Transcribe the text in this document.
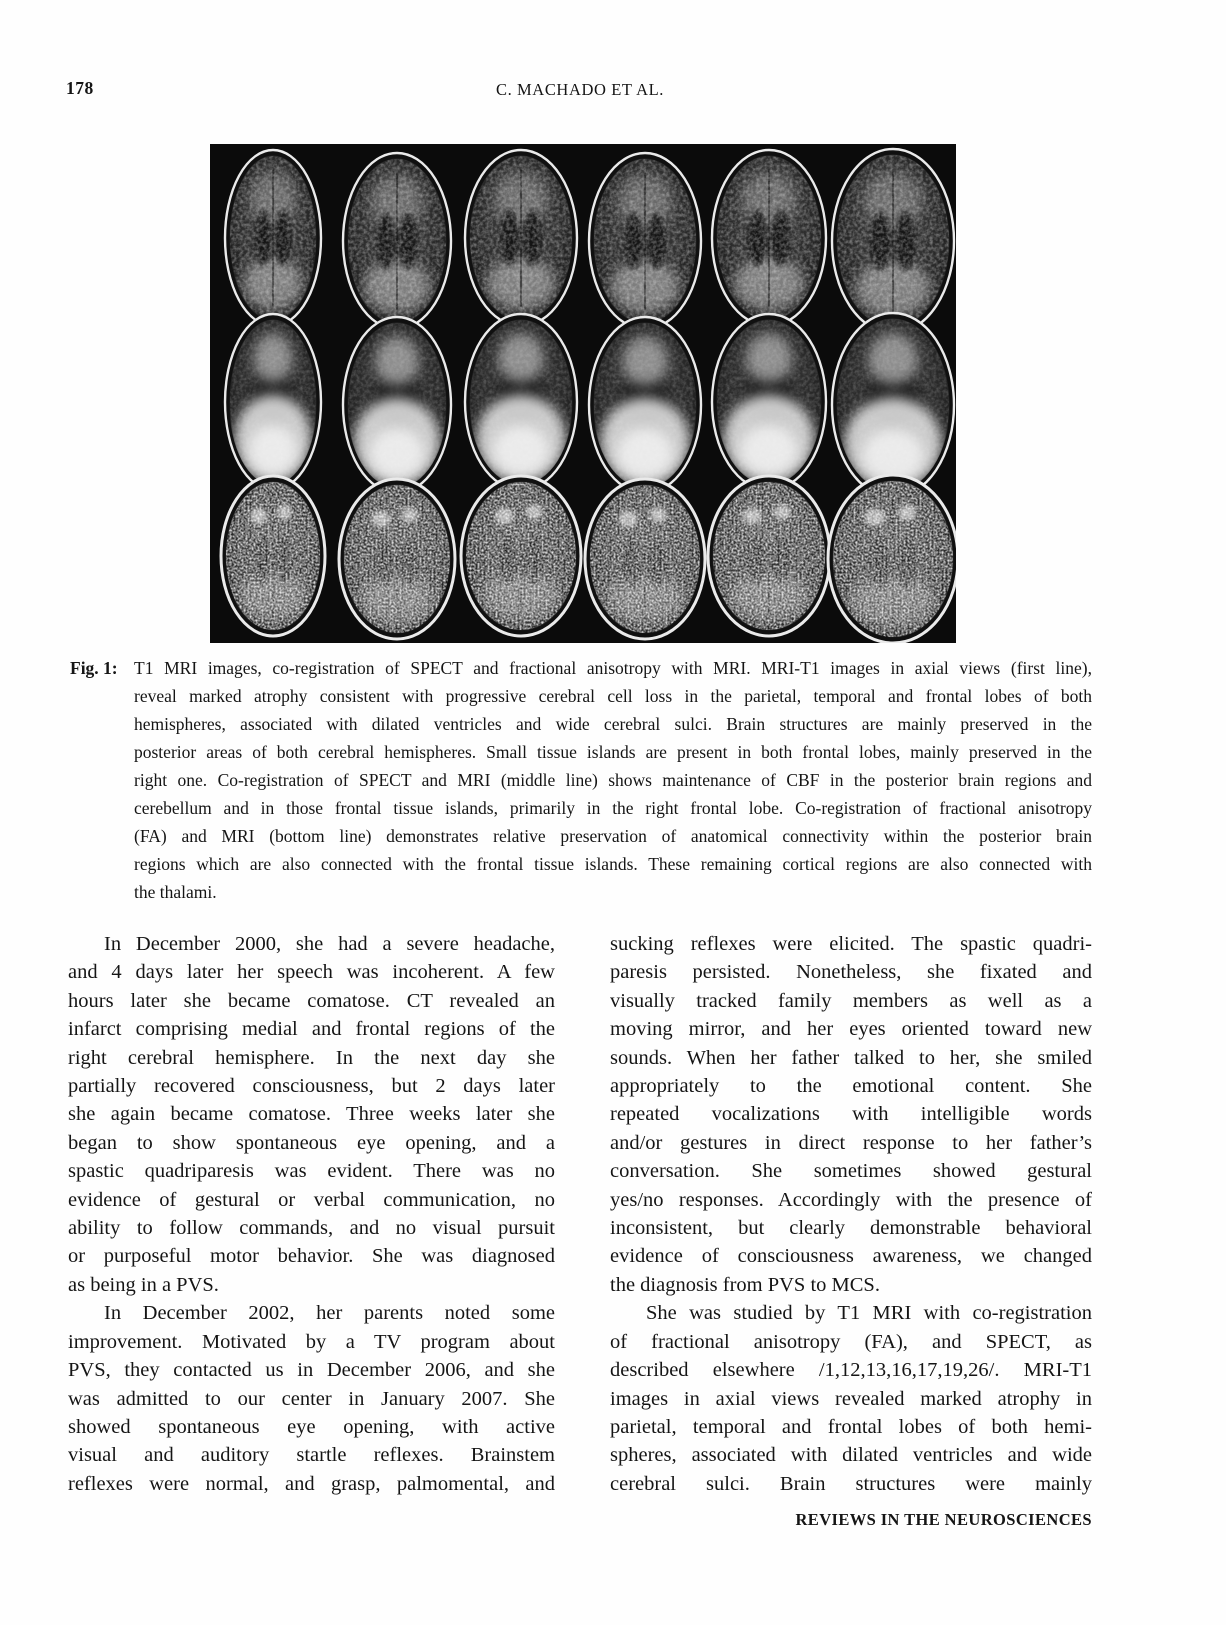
178	C. MACHADO ET AL.
Fig. 1: T1 MRI images, co-registration of SPECT and fractional anisotropy with MRI. MRI-T1 images in axial views (first line),
reveal marked atrophy consistent with progressive cerebral cell loss in the parietal, temporal and frontal lobes of both
hemispheres, associated with dilated ventricles and wide cerebral sulci. Brain structures are mainly preserved in the
posterior areas of both cerebral hemispheres. Small tissue islands are present in both frontal lobes, mainly preserved in the
right one. Co-registration of SPECT and MRI (middle line) shows maintenance of CBF in the posterior brain regions and
cerebellum and in those frontal tissue islands, primarily in the right frontal lobe. Co-registration of fractional anisotropy
(FA) and MRI (bottom line) demonstrates relative preservation of anatomical connectivity within the posterior brain
regions which are also connected with the frontal tissue islands. These remaining cortical regions are also connected with
the thalami.
In December 2000, she had a severe headache,
and 4 days later her speech was incoherent. A few
hours later she became comatose. CT revealed an
infarct comprising medial and frontal regions of the
right cerebral hemisphere. In the next day she
partially recovered consciousness, but 2 days later
she again became comatose. Three weeks later she
began to show spontaneous eye opening, and a
spastic quadriparesis was evident. There was no
evidence of gestural or verbal communication, no
ability to follow commands, and no visual pursuit
or purposeful motor behavior. She was diagnosed
as being in a PVS.
In December 2002, her parents noted some
improvement. Motivated by a TV program about
PVS, they contacted us in December 2006, and she
was admitted to our center in January 2007. She
showed spontaneous eye opening, with active
visual and auditory startle reflexes. Brainstem
reflexes were normal, and grasp, palmomental, and
sucking reflexes were elicited. The spastic quadri-
paresis persisted. Nonetheless, she fixated and
visually tracked family members as well as a
moving mirror, and her eyes oriented toward new
sounds. When her father talked to her, she smiled
appropriately to the emotional content. She
repeated vocalizations with intelligible words
and/or gestures in direct response to her father’s
conversation. She sometimes showed gestural
yes/no responses. Accordingly with the presence of
inconsistent, but clearly demonstrable behavioral
evidence of consciousness awareness, we changed
the diagnosis from PVS to MCS.
She was studied by T1 MRI with co-registration
of fractional anisotropy (FA), and SPECT, as
described elsewhere /1,12,13,16,17,19,26/. MRI-T1
images in axial views revealed marked atrophy in
parietal, temporal and frontal lobes of both hemi-
spheres, associated with dilated ventricles and wide
cerebral sulci. Brain structures were mainly
REVIEWS IN THE NEUROSCIENCES
